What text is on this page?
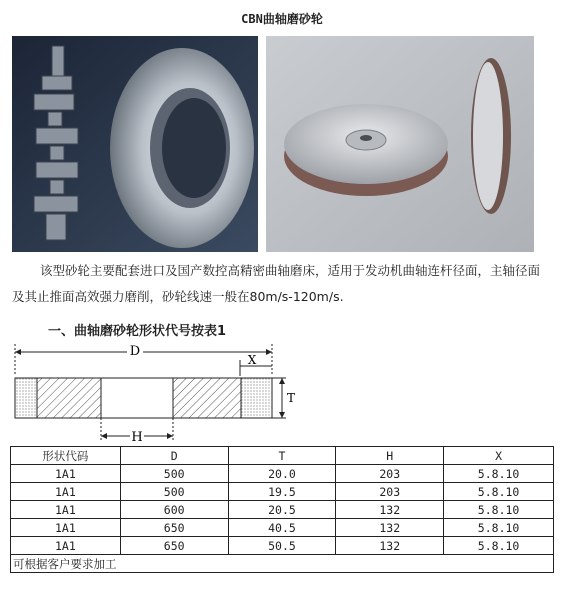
CBN曲轴磨砂轮
该型砂轮主要配套进口及国产数控高精密曲轴磨床，适用于发动机曲轴连杆径面，主轴径面及其止推面高效强力磨削，砂轮线速一般在80m/s-120m/s.
一、曲轴磨砂轮形状代号按表1
D
X
T
H
形状代码	D	T	H	X
1A1	500	20.0	203	5.8.10
1A1	500	19.5	203	5.8.10
1A1	600	20.5	132	5.8.10
1A1	650	40.5	132	5.8.10
1A1	650	50.5	132	5.8.10
可根据客户要求加工				
